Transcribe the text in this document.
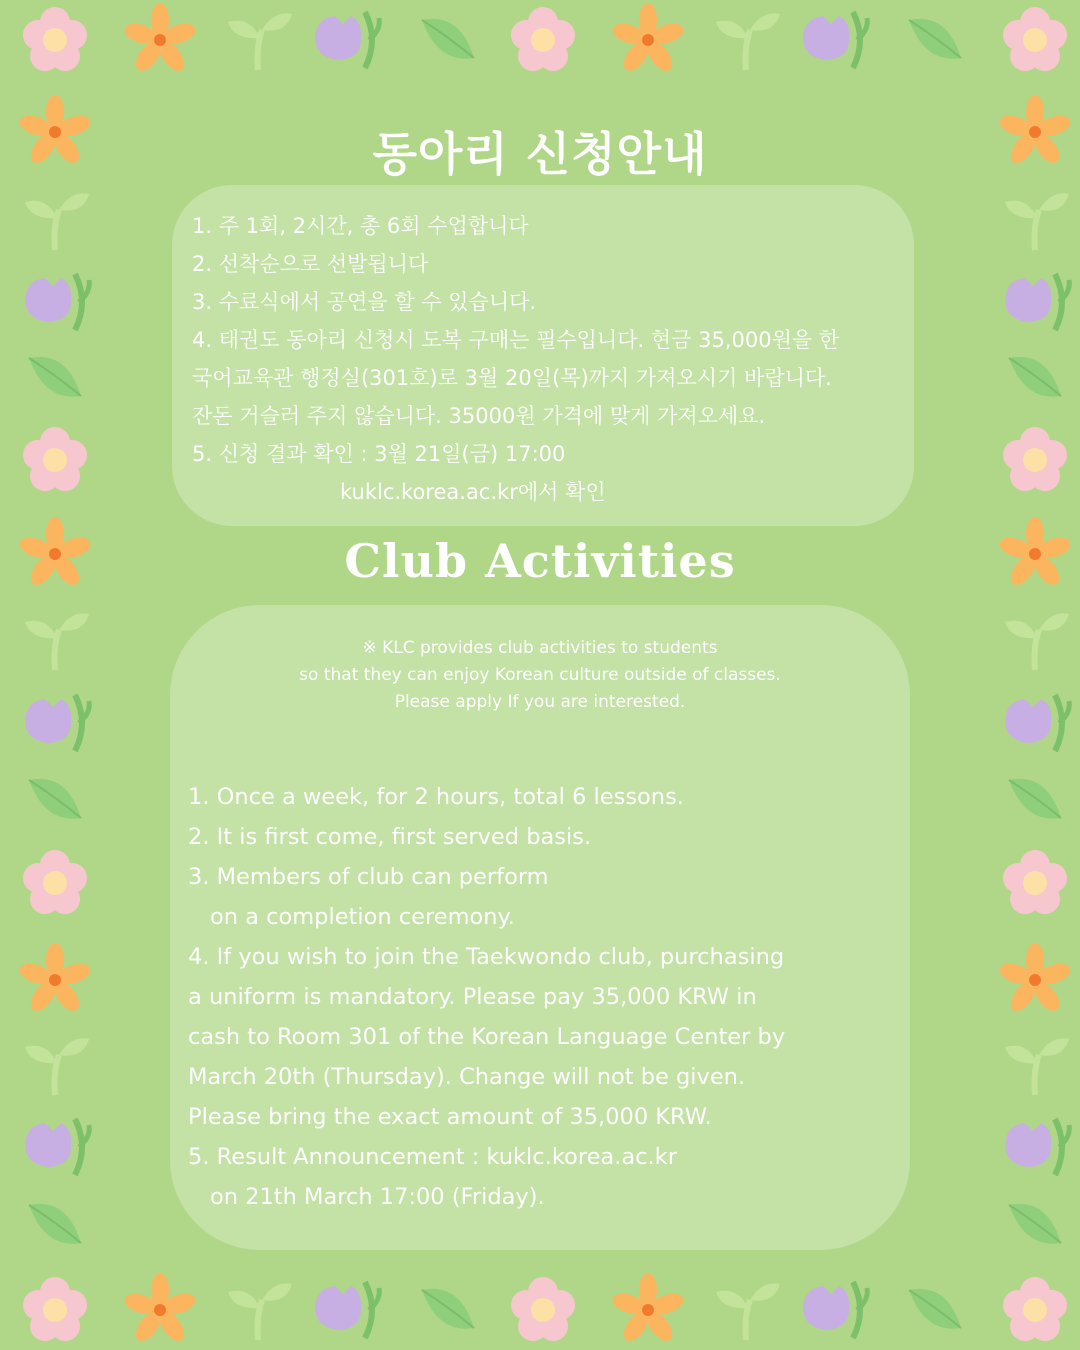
동아리 신청안내
1. 주 1회, 2시간, 총 6회 수업합니다
2. 선착순으로 선발됩니다
3. 수료식에서 공연을 할 수 있습니다.
4. 태권도 동아리 신청시 도복 구매는 필수입니다. 현금 35,000원을 한
국어교육관 행정실(301호)로 3월 20일(목)까지 가져오시기 바랍니다.
잔돈 거슬러 주지 않습니다. 35000원 가격에 맞게 가져오세요.
5. 신청 결과 확인 : 3월 21일(금) 17:00
kuklc.korea.ac.kr에서 확인
Club Activities
※ KLC provides club activities to students
so that they can enjoy Korean culture outside of classes.
Please apply If you are interested.
1. Once a week, for 2 hours, total 6 lessons.
2. It is first come, first served basis.
3. Members of club can perform
on a completion ceremony.
4. If you wish to join the Taekwondo club, purchasing
a uniform is mandatory. Please pay 35,000 KRW in
cash to Room 301 of the Korean Language Center by
March 20th (Thursday). Change will not be given.
Please bring the exact amount of 35,000 KRW.
5. Result Announcement : kuklc.korea.ac.kr
on 21th March 17:00 (Friday).
